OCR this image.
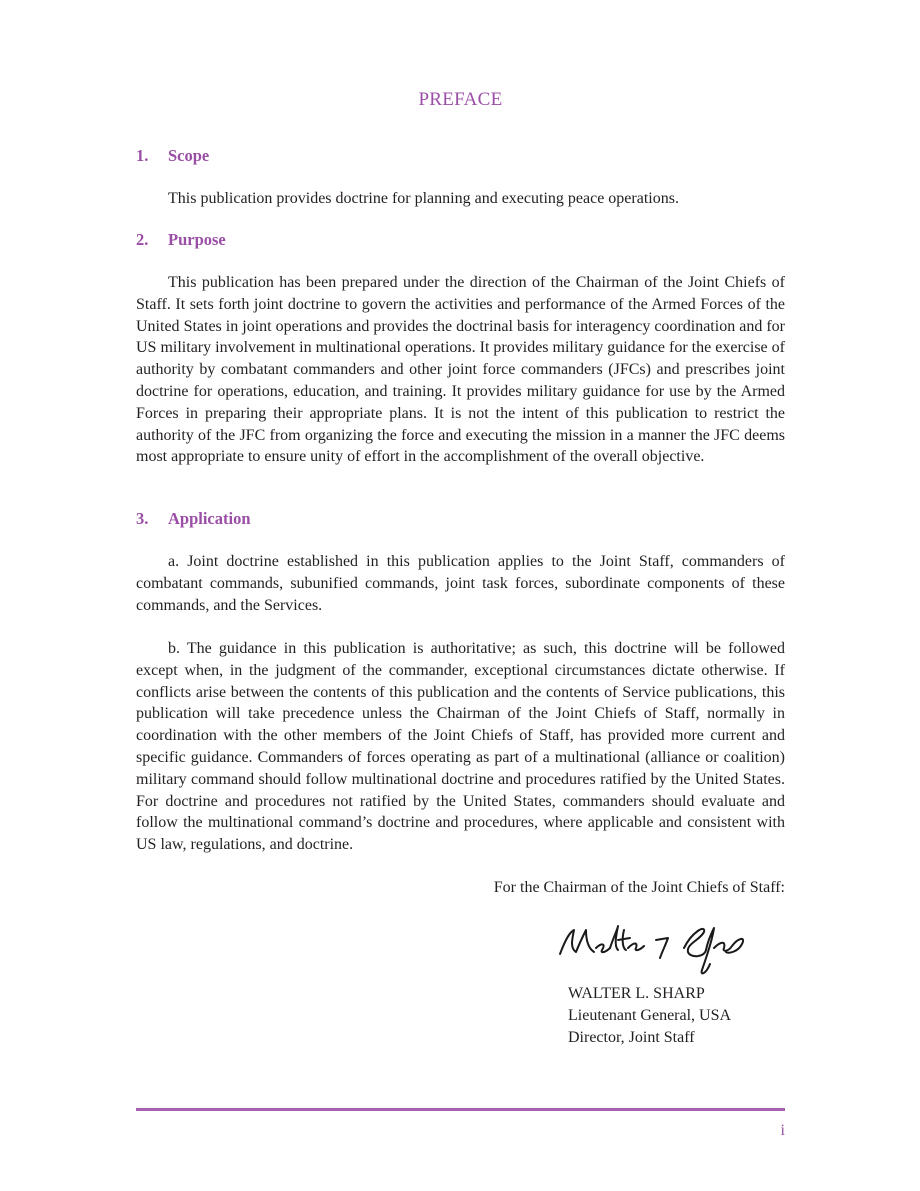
PREFACE
1. Scope

This publication provides doctrine for planning and executing peace operations.

2. Purpose

This publication has been prepared under the direction of the Chairman of the Joint Chiefs of Staff. It sets forth joint doctrine to govern the activities and performance of the Armed Forces of the United States in joint operations and provides the doctrinal basis for interagency coordination and for US military involvement in multinational operations. It provides military guidance for the exercise of authority by combatant commanders and other joint force commanders (JFCs) and prescribes joint doctrine for operations, education, and training. It provides military guidance for use by the Armed Forces in preparing their appropriate plans. It is not the intent of this publication to restrict the authority of the JFC from organizing the force and executing the mission in a manner the JFC deems most appropriate to ensure unity of effort in the accomplishment of the overall objective.

3. Application

a. Joint doctrine established in this publication applies to the Joint Staff, commanders of combatant commands, subunified commands, joint task forces, subordinate components of these commands, and the Services.

b. The guidance in this publication is authoritative; as such, this doctrine will be followed except when, in the judgment of the commander, exceptional circumstances dictate otherwise. If conflicts arise between the contents of this publication and the contents of Service publications, this publication will take precedence unless the Chairman of the Joint Chiefs of Staff, normally in coordination with the other members of the Joint Chiefs of Staff, has provided more current and specific guidance. Commanders of forces operating as part of a multinational (alliance or coalition) military command should follow multinational doctrine and procedures ratified by the United States. For doctrine and procedures not ratified by the United States, commanders should evaluate and follow the multinational command’s doctrine and procedures, where applicable and consistent with US law, regulations, and doctrine.

For the Chairman of the Joint Chiefs of Staff:
Walter L Sharp
WALTER L. SHARP
Lieutenant General, USA
Director, Joint Staff
i
